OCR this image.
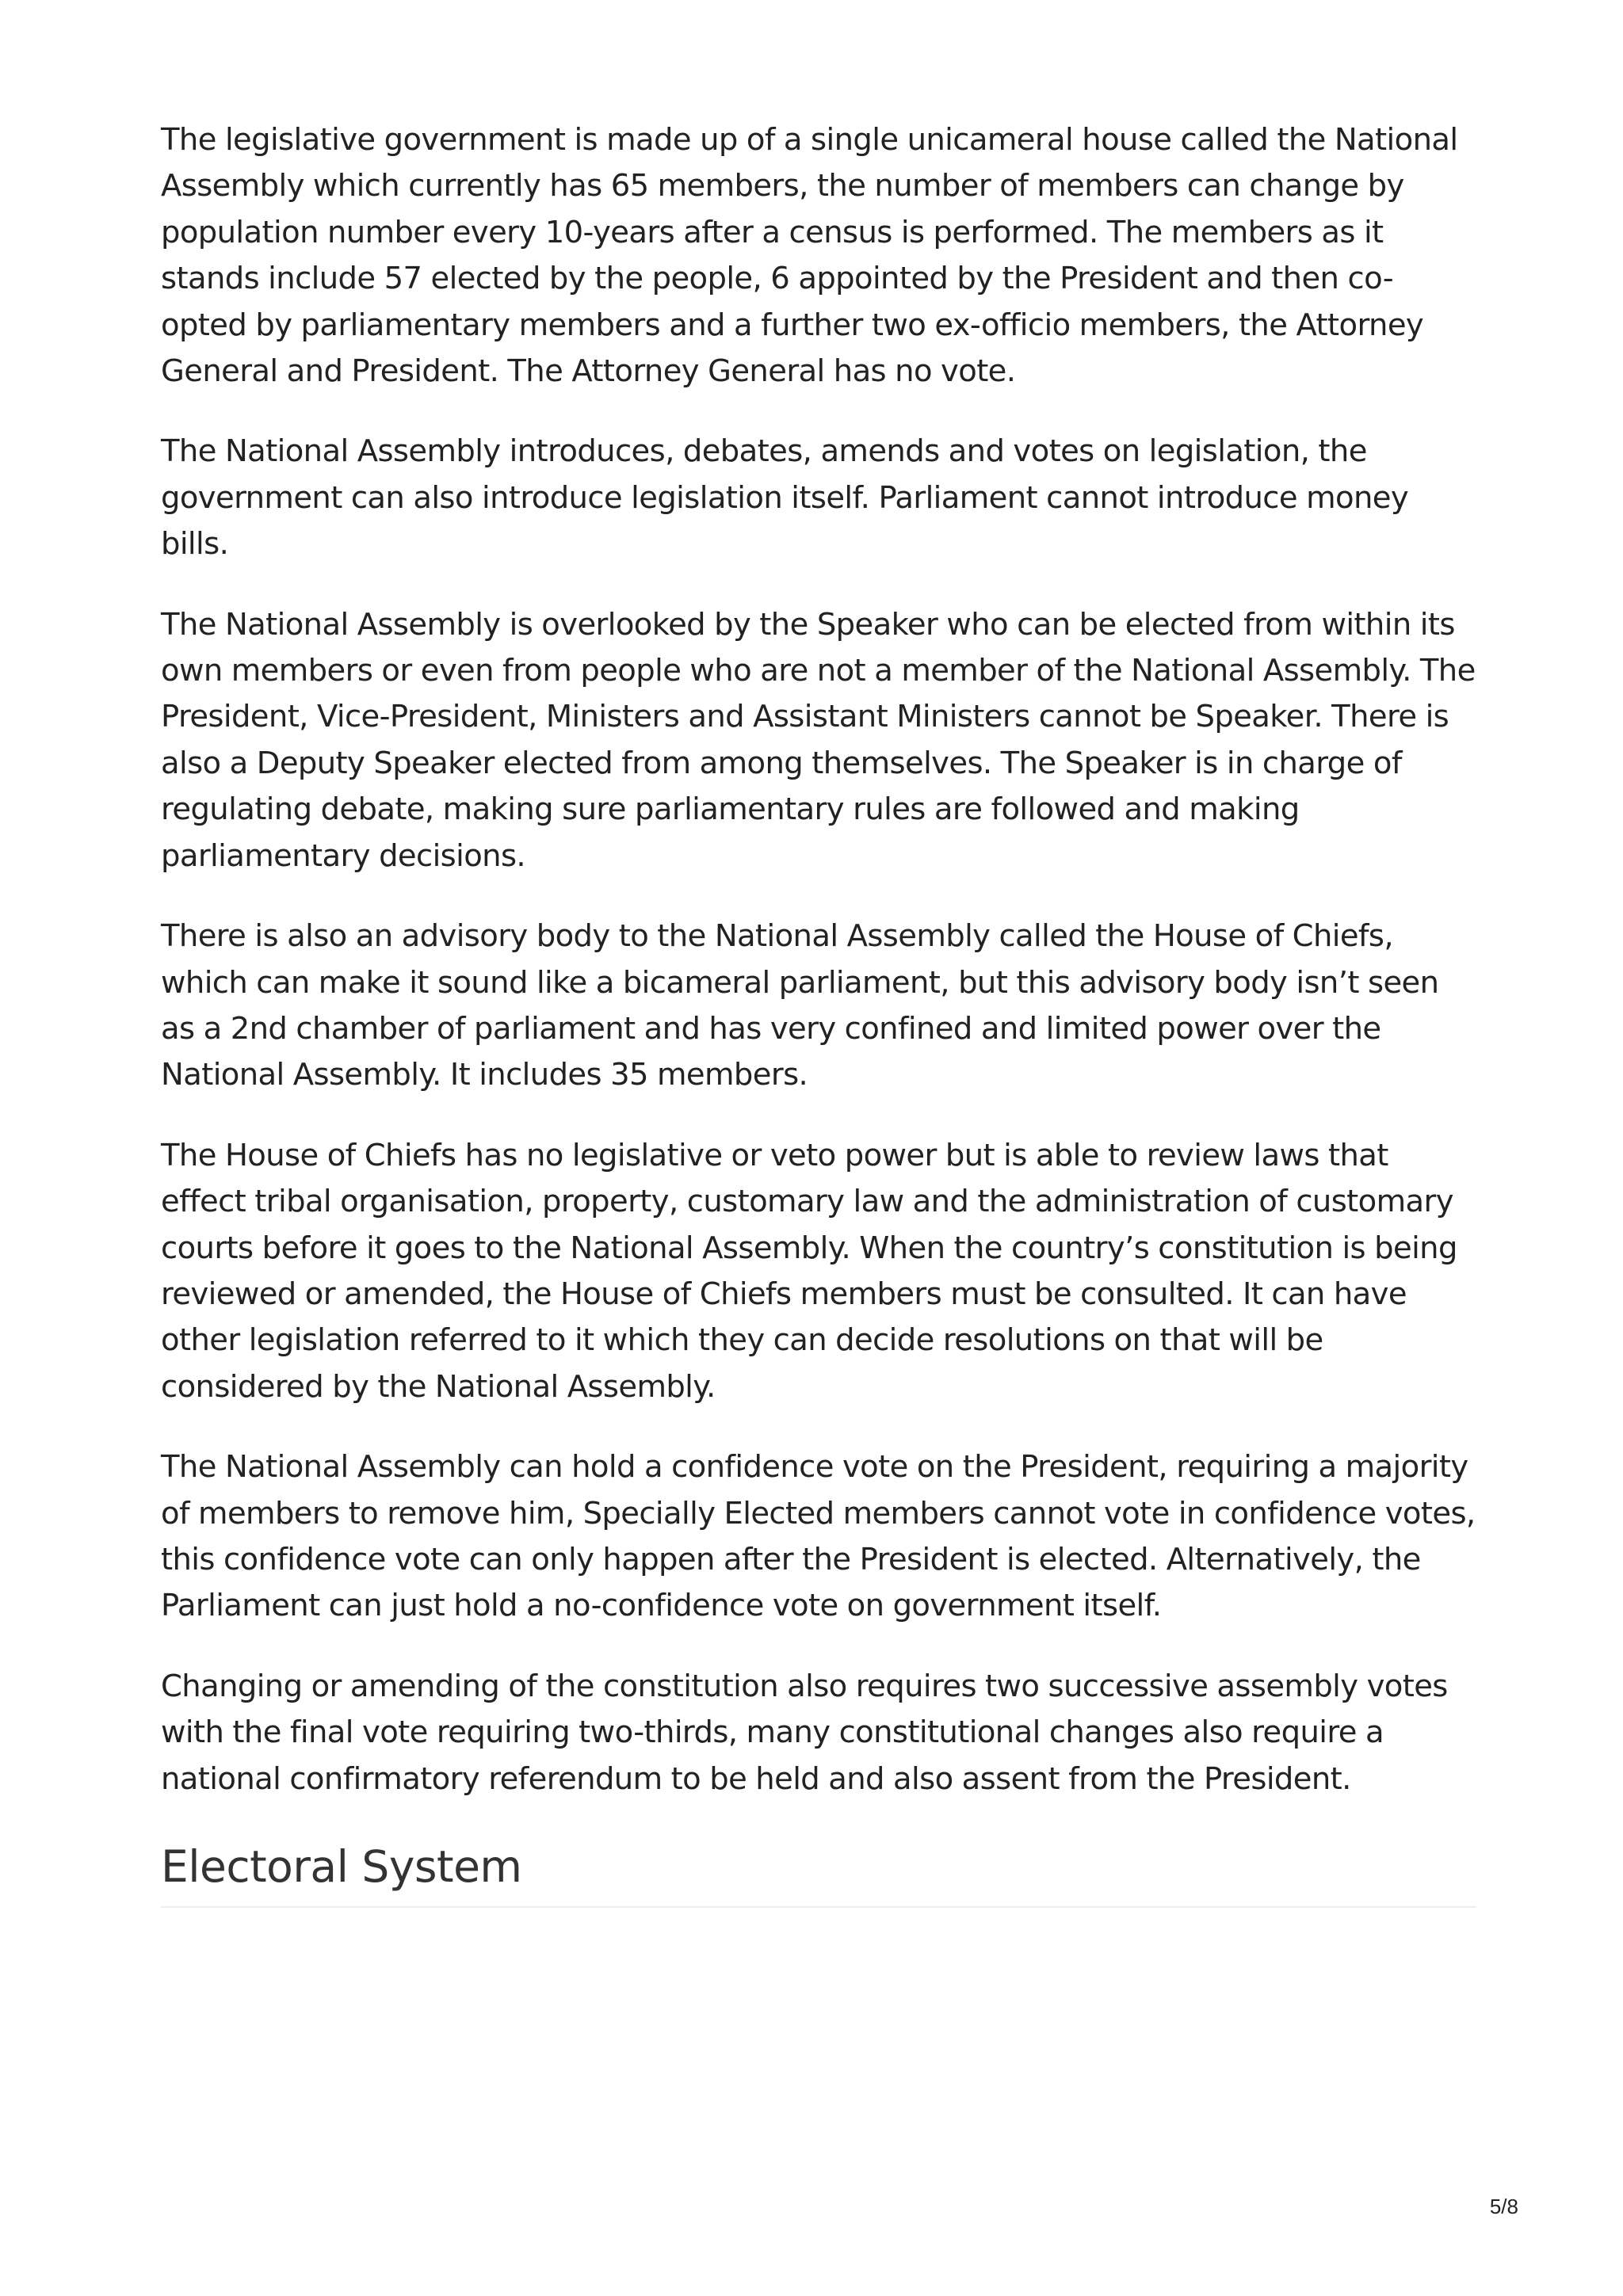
The legislative government is made up of a single unicameral house called the National Assembly which currently has 65 members, the number of members can change by population number every 10-years after a census is performed. The members as it stands include 57 elected by the people, 6 appointed by the President and then co-opted by parliamentary members and a further two ex-officio members, the Attorney General and President. The Attorney General has no vote.

The National Assembly introduces, debates, amends and votes on legislation, the government can also introduce legislation itself. Parliament cannot introduce money bills.

The National Assembly is overlooked by the Speaker who can be elected from within its own members or even from people who are not a member of the National Assembly. The President, Vice-President, Ministers and Assistant Ministers cannot be Speaker. There is also a Deputy Speaker elected from among themselves. The Speaker is in charge of regulating debate, making sure parliamentary rules are followed and making parliamentary decisions.

There is also an advisory body to the National Assembly called the House of Chiefs, which can make it sound like a bicameral parliament, but this advisory body isn’t seen as a 2nd chamber of parliament and has very confined and limited power over the National Assembly. It includes 35 members.

The House of Chiefs has no legislative or veto power but is able to review laws that effect tribal organisation, property, customary law and the administration of customary courts before it goes to the National Assembly. When the country’s constitution is being reviewed or amended, the House of Chiefs members must be consulted. It can have other legislation referred to it which they can decide resolutions on that will be considered by the National Assembly.

The National Assembly can hold a confidence vote on the President, requiring a majority of members to remove him, Specially Elected members cannot vote in confidence votes, this confidence vote can only happen after the President is elected. Alternatively, the Parliament can just hold a no-confidence vote on government itself.

Changing or amending of the constitution also requires two successive assembly votes with the final vote requiring two-thirds, many constitutional changes also require a national confirmatory referendum to be held and also assent from the President.

Electoral System
5/8
